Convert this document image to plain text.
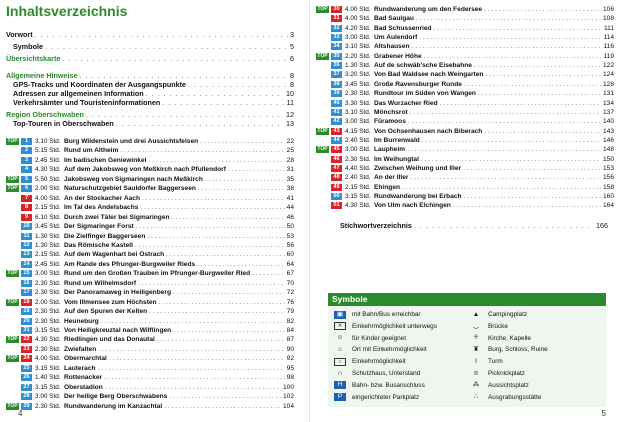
Inhaltsverzeichnis
Vorwort . . .	3
Symbole . . .	5
Übersichtskarte . . .	6
Allgemeine Hinweise . . .	8
GPS-Tracks und Koordinaten der Ausgangspunkte . . .	8
Adressen zur allgemeinen Information . . .	10
Verkehrsämter und Touristeninformationen . . .	11
Region Oberschwaben . . .	12
Top-Touren in Oberschwaben . . .	13
TOP	1	3.10 Std. Burg Wildenstein und drei Aussichtsfelsen . . .	22
2	5.15 Std. Rund um Altheim . . .	25
3	2.45 Std. Im badischen Geniewinkel . . .	28
4	4.30 Std. Auf dem Jakobsweg von Meßkirch nach Pfullendorf . . .	31
TOP	5	5.50 Std. Jakobsweg von Sigmaringen nach Meßkirch . . .	35
TOP	6	2.00 Std. Naturschutzgebiet Sauldorfer Baggerseen . . .	38
7	4.00 Std. An der Stockacher Aach . . .	41
8	2.15 Std. Im Tal des Andelsbachs . . .	44
9	6.10 Std. Durch zwei Täler bei Sigmaringen . . .	46
10 3.45 Std. Der Sigmaringer Forst . . .	50
11 1.30 Std. Die Zielfinger Baggerseen . . .	53
12 1.30 Std. Das Römische Kastell . . .	56
13 2.15 Std. Auf dem Wagenhart bei Ostrach . . .	60
14 2.45 Std. Am Rande des Pfrunger-Burgweiler Rieds . . .	64
TOP	15 3.00 Std. Rund um den Großen Trauben im Pfrunger-Burgweiler Ried . . .	67
16 2.30 Std. Rund um Wilhelmsdorf . . .	70
17 2.30 Std. Der Panoramaweg in Heiligenberg . . .	72
TOP	18 2.00 Std. Vom Illmensee zum Höchsten . . .	76
19 2.30 Std. Auf den Spuren der Kelten . . .	79
20 2.30 Std. Heuneburg . . .	82
21 3.15 Std. Von Heiligkreuztal nach Wilflingen . . .	84
TOP	22 4.30 Std. Riedlingen und das Donautal . . .	87
23 2.30 Std. Zwiefalten . . .	90
TOP	24 4.00 Std. Obermarchtal . . .	92
25 3.15 Std. Lauterach . . .	95
26 1.40 Std. Rottenacker . . .	98
27 3.15 Std. Oberstadion . . .	100
28 3.00 Std. Der heilige Berg Oberschwabens . . .	102
TOP	29 2.30 Std. Rundwanderung im Kanzachtal . . .	104
4
TOP	30 4.00 Std. Rundwanderung um den Federsee . . .	106
31 4.00 Std. Bad Saulgau . . .	108
32 4.20 Std. Bad Schussenried . . .	111
33 3.00 Std. Um Aulendorf . . .	114
34 3.10 Std. Altshausen . . .	116
TOP	35 2.20 Std. Grabener Höhe . . .	119
36 1.30 Std. Auf de schwäb'sche Eisebahne . . .	122
37 3.20 Std. Von Bad Waldsee nach Weingarten . . .	124
38 3.45 Std. Große Ravensburger Runde . . .	128
39 2.30 Std. Rundtour im Süden von Wangen . . .	131
40 3.30 Std. Das Wurzacher Ried . . .	134
41 3.10 Std. Mönchsrot . . .	137
42 3.00 Std. Füramoos . . .	140
TOP	43 4.15 Std. Von Ochsenhausen nach Biberach . . .	143
44 2.40 Std. Im Burrenwald . . .	146
TOP	45 3.00 Std. Laupheim . . .	148
46 2.30 Std. Im Weihungtal . . .	150
47 4.40 Std. Zwischen Weihung und Iller . . .	153
48 2.40 Std. An der Iller . . .	156
49 2.15 Std. Ehingen . . .	158
50 3.15 Std. Rundwanderung bei Erbach . . .	160
51 4.30 Std. Von Ulm nach Elchingen . . .	164
Stichwortverzeichnis . . .	166
Symbole
▣	mit Bahn/Bus erreichbar
✕	Einkehrmöglichkeit unterwegs
☺	für Kinder geeignet
⌂	Ort mit Einkehrmöglichkeit
⌂	Einkehrmöglichkeit
∩	Schutzhaus, Unterstand
H	Bahn- bzw. Busanschluss
P	eingerichteter Parkplatz
▲	Campingplatz
‿	Brücke
♱	Kirche, Kapelle
♜	Burg, Schloss, Ruine
Ι	Turm
π	Picknickplatz
⁂	Aussichtsplatz
∴	Ausgrabungsstätte
5
